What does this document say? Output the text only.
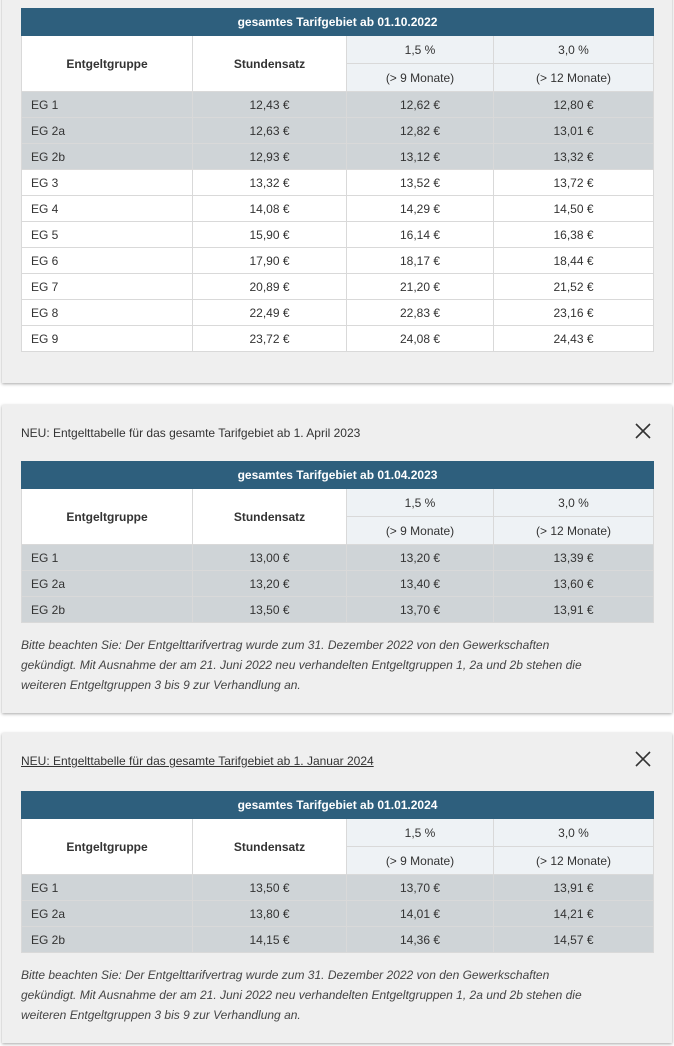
gesamtes Tarifgebiet ab 01.10.2022			
Entgeltgruppe	Stundensatz	1,5 %	3,0 %
		(> 9 Monate)	(> 12 Monate)
EG 1	12,43 €	12,62 €	12,80 €
EG 2a	12,63 €	12,82 €	13,01 €
EG 2b	12,93 €	13,12 €	13,32 €
EG 3	13,32 €	13,52 €	13,72 €
EG 4	14,08 €	14,29 €	14,50 €
EG 5	15,90 €	16,14 €	16,38 €
EG 6	17,90 €	18,17 €	18,44 €
EG 7	20,89 €	21,20 €	21,52 €
EG 8	22,49 €	22,83 €	23,16 €
EG 9	23,72 €	24,08 €	24,43 €
NEU: Entgelttabelle für das gesamte Tarifgebiet ab 1. April 2023
gesamtes Tarifgebiet ab 01.04.2023			
Entgeltgruppe	Stundensatz	1,5 %	3,0 %
		(> 9 Monate)	(> 12 Monate)
EG 1	13,00 €	13,20 €	13,39 €
EG 2a	13,20 €	13,40 €	13,60 €
EG 2b	13,50 €	13,70 €	13,91 €

Bitte beachten Sie: Der Entgelttarifvertrag wurde zum 31. Dezember 2022 von den Gewerkschaften
gekündigt. Mit Ausnahme der am 21. Juni 2022 neu verhandelten Entgeltgruppen 1, 2a und 2b stehen die
weiteren Entgeltgruppen 3 bis 9 zur Verhandlung an.

NEU: Entgelttabelle für das gesamte Tarifgebiet ab 1. Januar 2024
gesamtes Tarifgebiet ab 01.01.2024			
Entgeltgruppe	Stundensatz	1,5 %	3,0 %
		(> 9 Monate)	(> 12 Monate)
EG 1	13,50 €	13,70 €	13,91 €
EG 2a	13,80 €	14,01 €	14,21 €
EG 2b	14,15 €	14,36 €	14,57 €

Bitte beachten Sie: Der Entgelttarifvertrag wurde zum 31. Dezember 2022 von den Gewerkschaften
gekündigt. Mit Ausnahme der am 21. Juni 2022 neu verhandelten Entgeltgruppen 1, 2a und 2b stehen die
weiteren Entgeltgruppen 3 bis 9 zur Verhandlung an.
